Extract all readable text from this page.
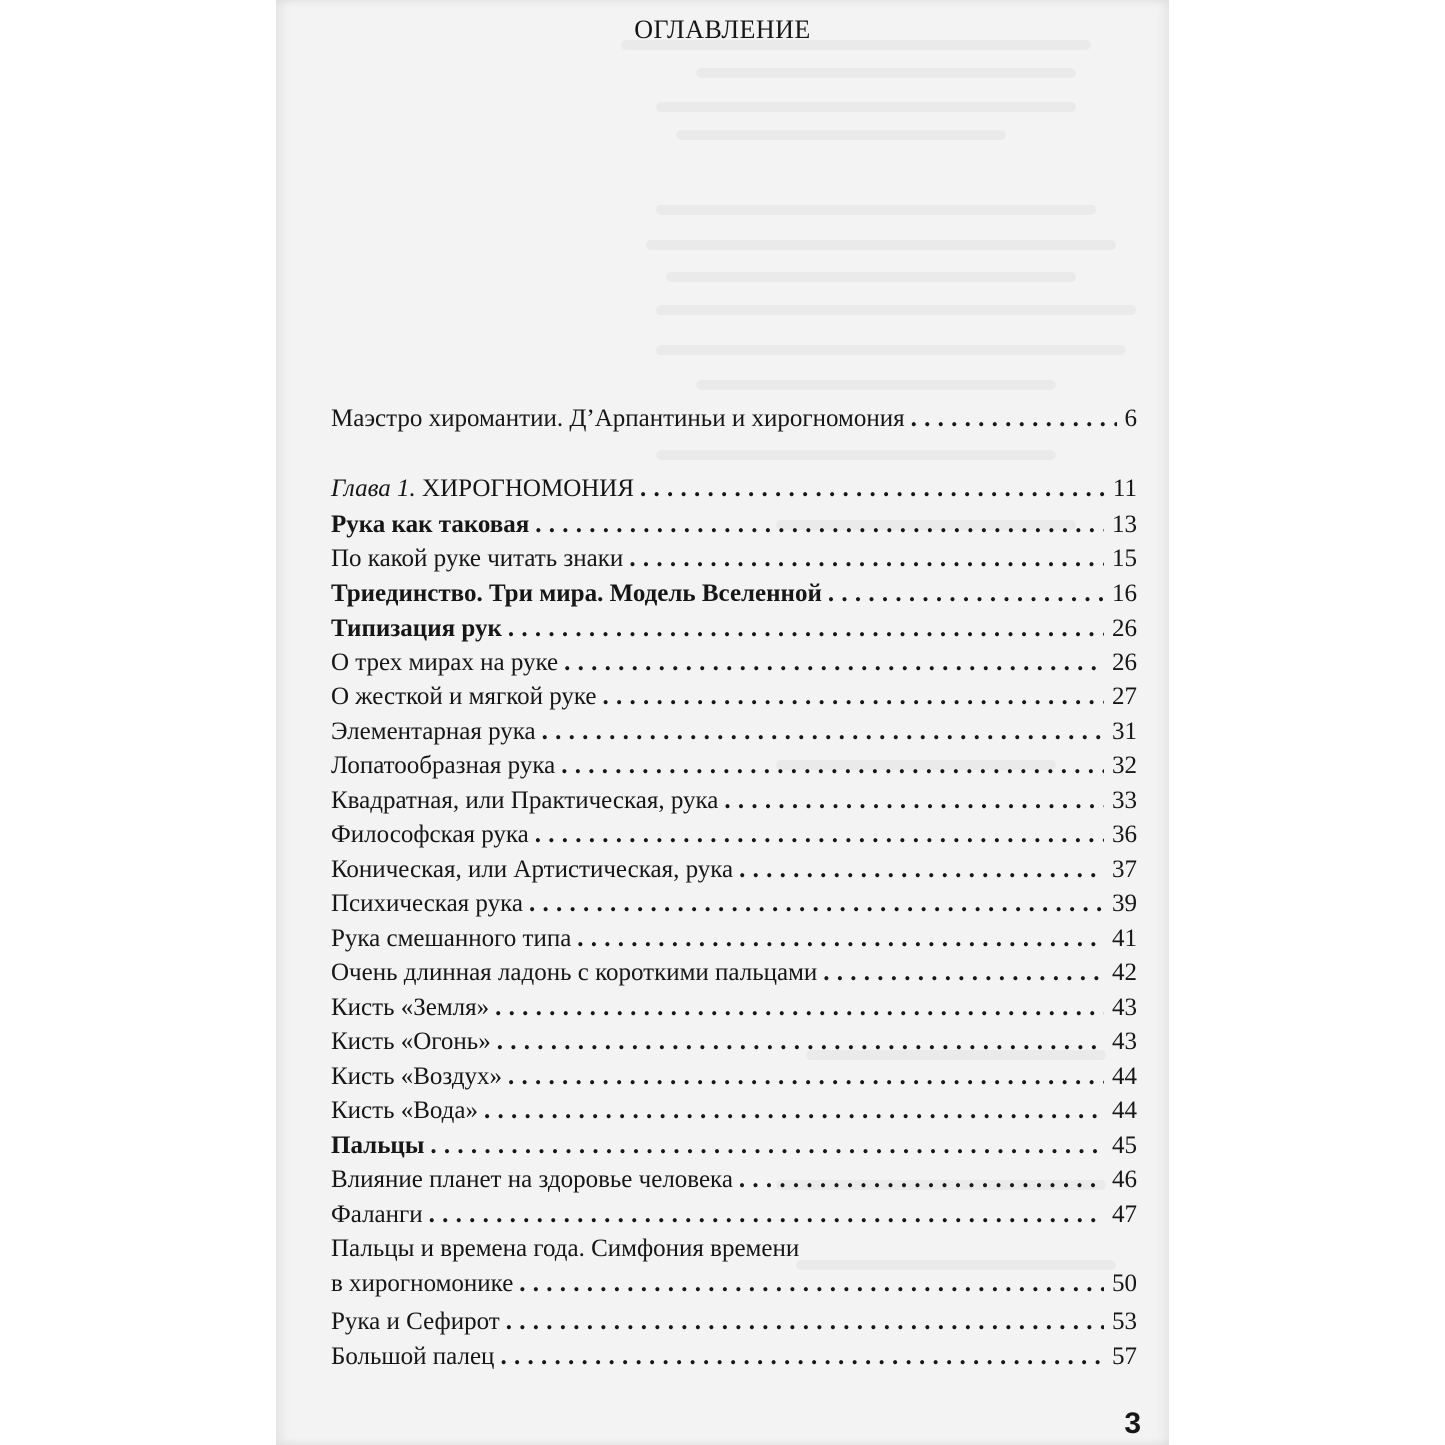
ОГЛАВЛЕНИЕ
Маэстро хиромантии. Д’Арпантиньи и хирогномония . . .	6
Глава 1. ХИРОГНОМОНИЯ . . .	11
Рука как таковая . . .	13
По какой руке читать знаки . . .	15
Триединство. Три мира. Модель Вселенной . . .	16
Типизация рук . . .	26
О трех мирах на руке . . .	26
О жесткой и мягкой руке . . .	27
Элементарная рука . . .	31
Лопатообразная рука . . .	32
Квадратная, или Практическая, рука . . .	33
Философская рука . . .	36
Коническая, или Артистическая, рука . . .	37
Психическая рука . . .	39
Рука смешанного типа . . .	41
Очень длинная ладонь с короткими пальцами . . .	42
Кисть «Земля» . . .	43
Кисть «Огонь» . . .	43
Кисть «Воздух» . . .	44
Кисть «Вода» . . .	44
Пальцы . . .	45
Влияние планет на здоровье человека . . .	46
Фаланги . . .	47
Пальцы и времена года. Симфония времени
в хирогномонике . . .	50
Рука и Сефирот . . .	53
Большой палец . . .	57
3
